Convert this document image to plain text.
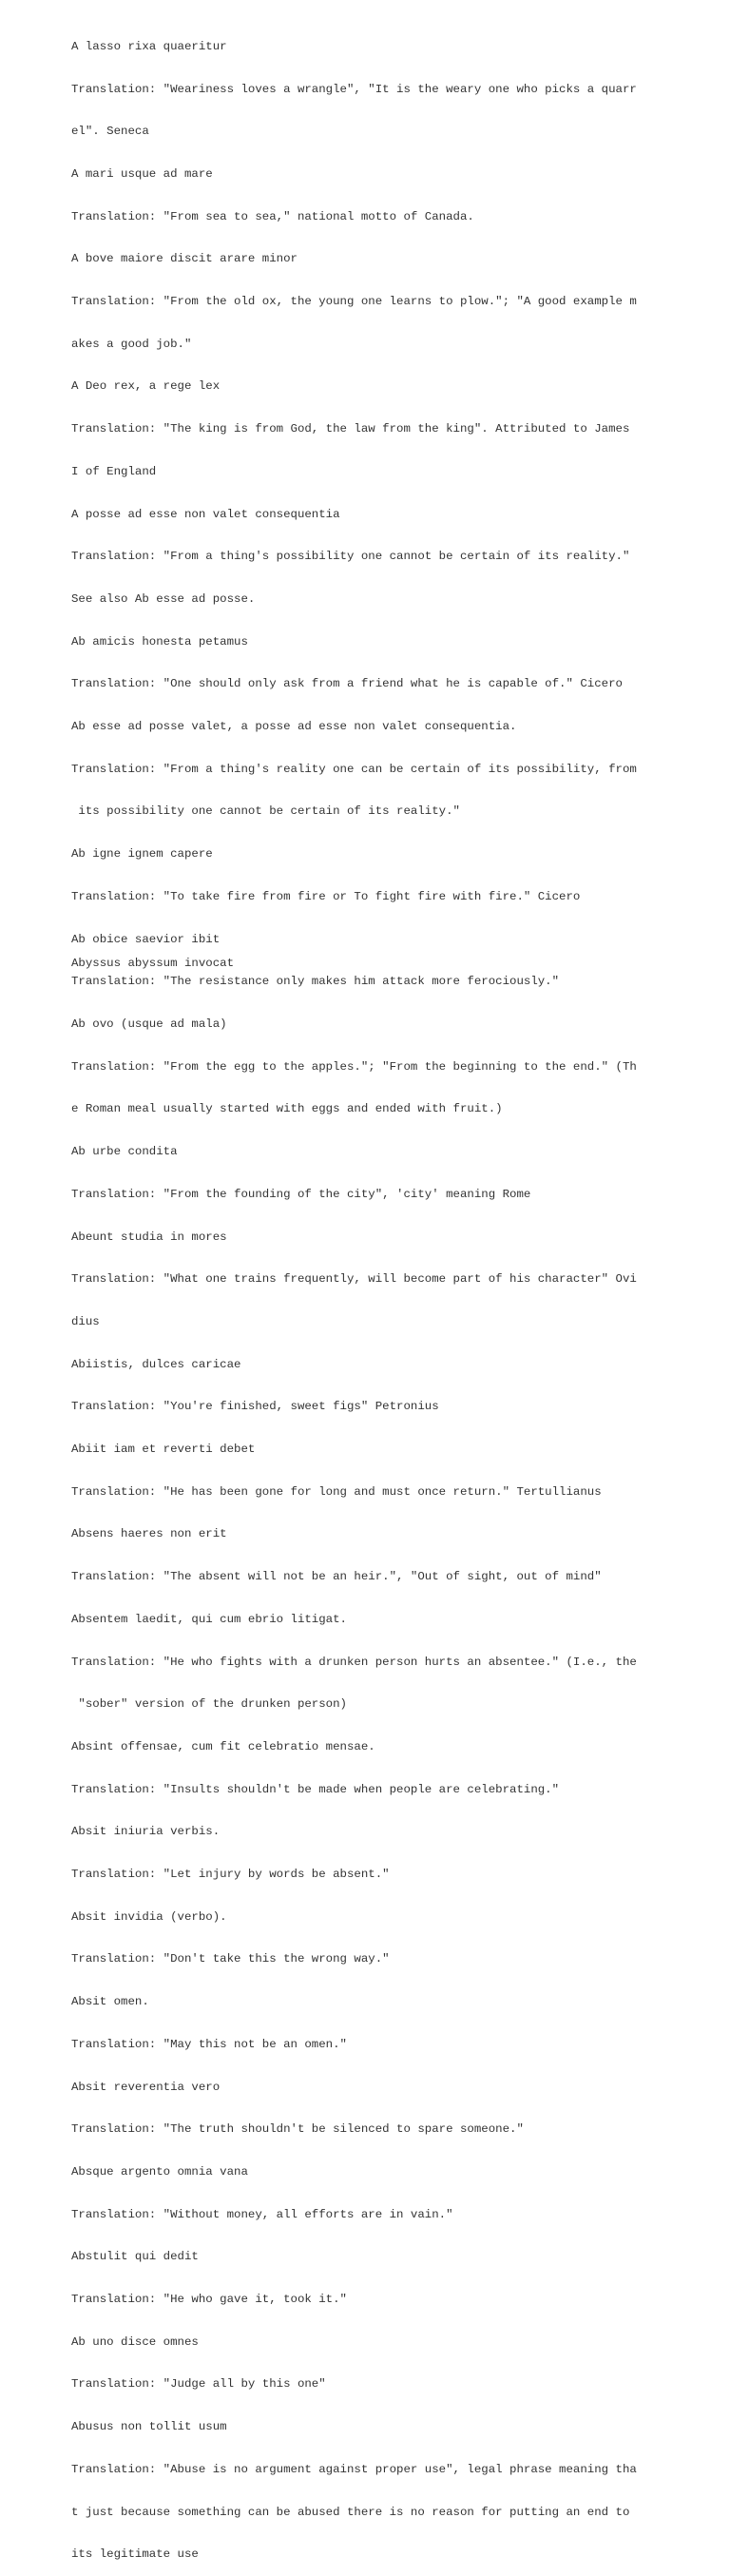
A lasso rixa quaeritur

Translation: "Weariness loves a wrangle", "It is the weary one who picks a quarr

el". Seneca

A mari usque ad mare

Translation: "From sea to sea," national motto of Canada.

A bove maiore discit arare minor

Translation: "From the old ox, the young one learns to plow."; "A good example m

akes a good job."

A Deo rex, a rege lex

Translation: "The king is from God, the law from the king". Attributed to James

I of England

A posse ad esse non valet consequentia

Translation: "From a thing's possibility one cannot be certain of its reality."

See also Ab esse ad posse.

Ab amicis honesta petamus

Translation: "One should only ask from a friend what he is capable of." Cicero

Ab esse ad posse valet, a posse ad esse non valet consequentia.

Translation: "From a thing's reality one can be certain of its possibility, from

its possibility one cannot be certain of its reality."

Ab igne ignem capere

Translation: "To take fire from fire or To fight fire with fire." Cicero

Ab obice saevior ibit

Translation: "The resistance only makes him attack more ferociously."

Ab ovo (usque ad mala)

Translation: "From the egg to the apples."; "From the beginning to the end." (Th

e Roman meal usually started with eggs and ended with fruit.)

Ab urbe condita

Translation: "From the founding of the city", 'city' meaning Rome

Abeunt studia in mores

Translation: "What one trains frequently, will become part of his character" Ovi

dius

Abiistis, dulces caricae

Translation: "You're finished, sweet figs" Petronius

Abiit iam et reverti debet

Translation: "He has been gone for long and must once return." Tertullianus

Absens haeres non erit

Translation: "The absent will not be an heir.", "Out of sight, out of mind"

Absentem laedit, qui cum ebrio litigat.

Translation: "He who fights with a drunken person hurts an absentee." (I.e., the

"sober" version of the drunken person)

Absint offensae, cum fit celebratio mensae.

Translation: "Insults shouldn't be made when people are celebrating."

Absit iniuria verbis.

Translation: "Let injury by words be absent."

Absit invidia (verbo).

Translation: "Don't take this the wrong way."

Absit omen.

Translation: "May this not be an omen."

Absit reverentia vero

Translation: "The truth shouldn't be silenced to spare someone."

Absque argento omnia vana

Translation: "Without money, all efforts are in vain."

Abstulit qui dedit

Translation: "He who gave it, took it."

Ab uno disce omnes

Translation: "Judge all by this one"

Abusus non tollit usum

Translation: "Abuse is no argument against proper use", legal phrase meaning tha

t just because something can be abused there is no reason for putting an end to

its legitimate use

Abyssus abyssum invocat
